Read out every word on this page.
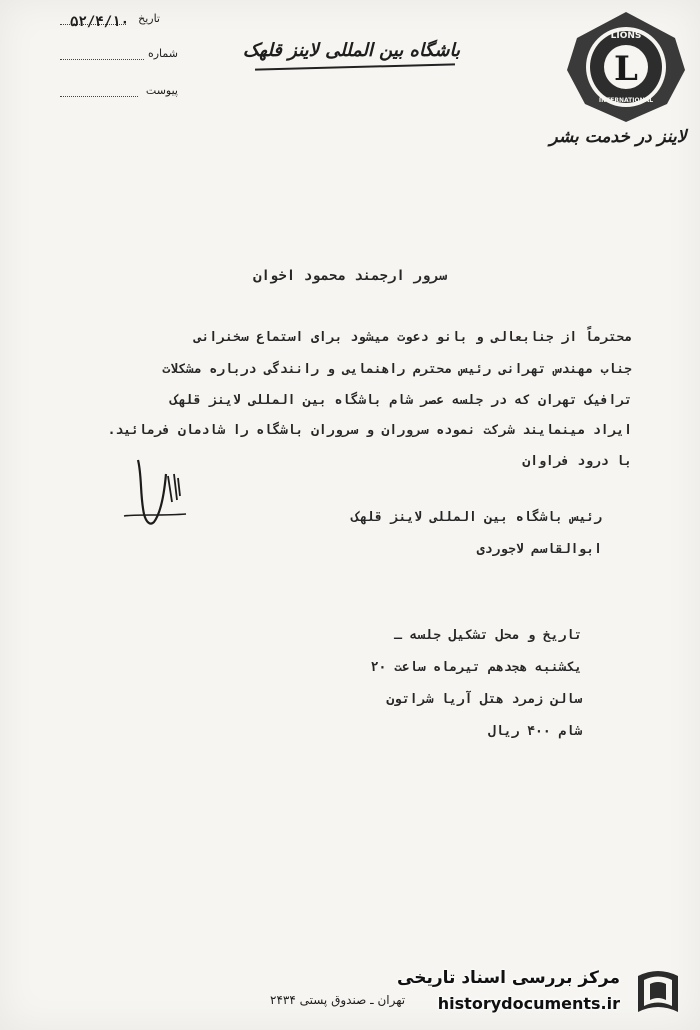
L
LIONS
INTERNATIONAL
لاینز در خدمت بشر
باشگاه بین المللی لاینز قلهک
تاریخ
۵۲/۴/۱۰
شماره
پیوست
سرور ارجمند محمود اخوان
محترماً از جنابعالی و بانو دعوت میشود برای استماع سخنرانی
جناب مهندس تهرانی رئیس محترم راهنمایی و رانندگی درباره مشکلات
ترافیک تهران که در جلسه عصر شام باشگاه بین المللی لاینز قلهک
ایراد مینمایند شرکت نموده سروران و سروران باشگاه را شادمان فرمائید.
با درود فراوان
رئیس باشگاه بین المللی لاینز قلهک
ابوالقاسم لاجوردی
تاریخ و محل تشکیل جلسه ـ
یکشنبه هجدهم تیرماه ساعت ۲۰
سالن زمرد هتل آریا شراتون
شام ۴۰۰ ریال
تهران ـ صندوق پستی ۲۴۳۴
مرکز بررسی اسناد تاریخی
historydocuments.ir
